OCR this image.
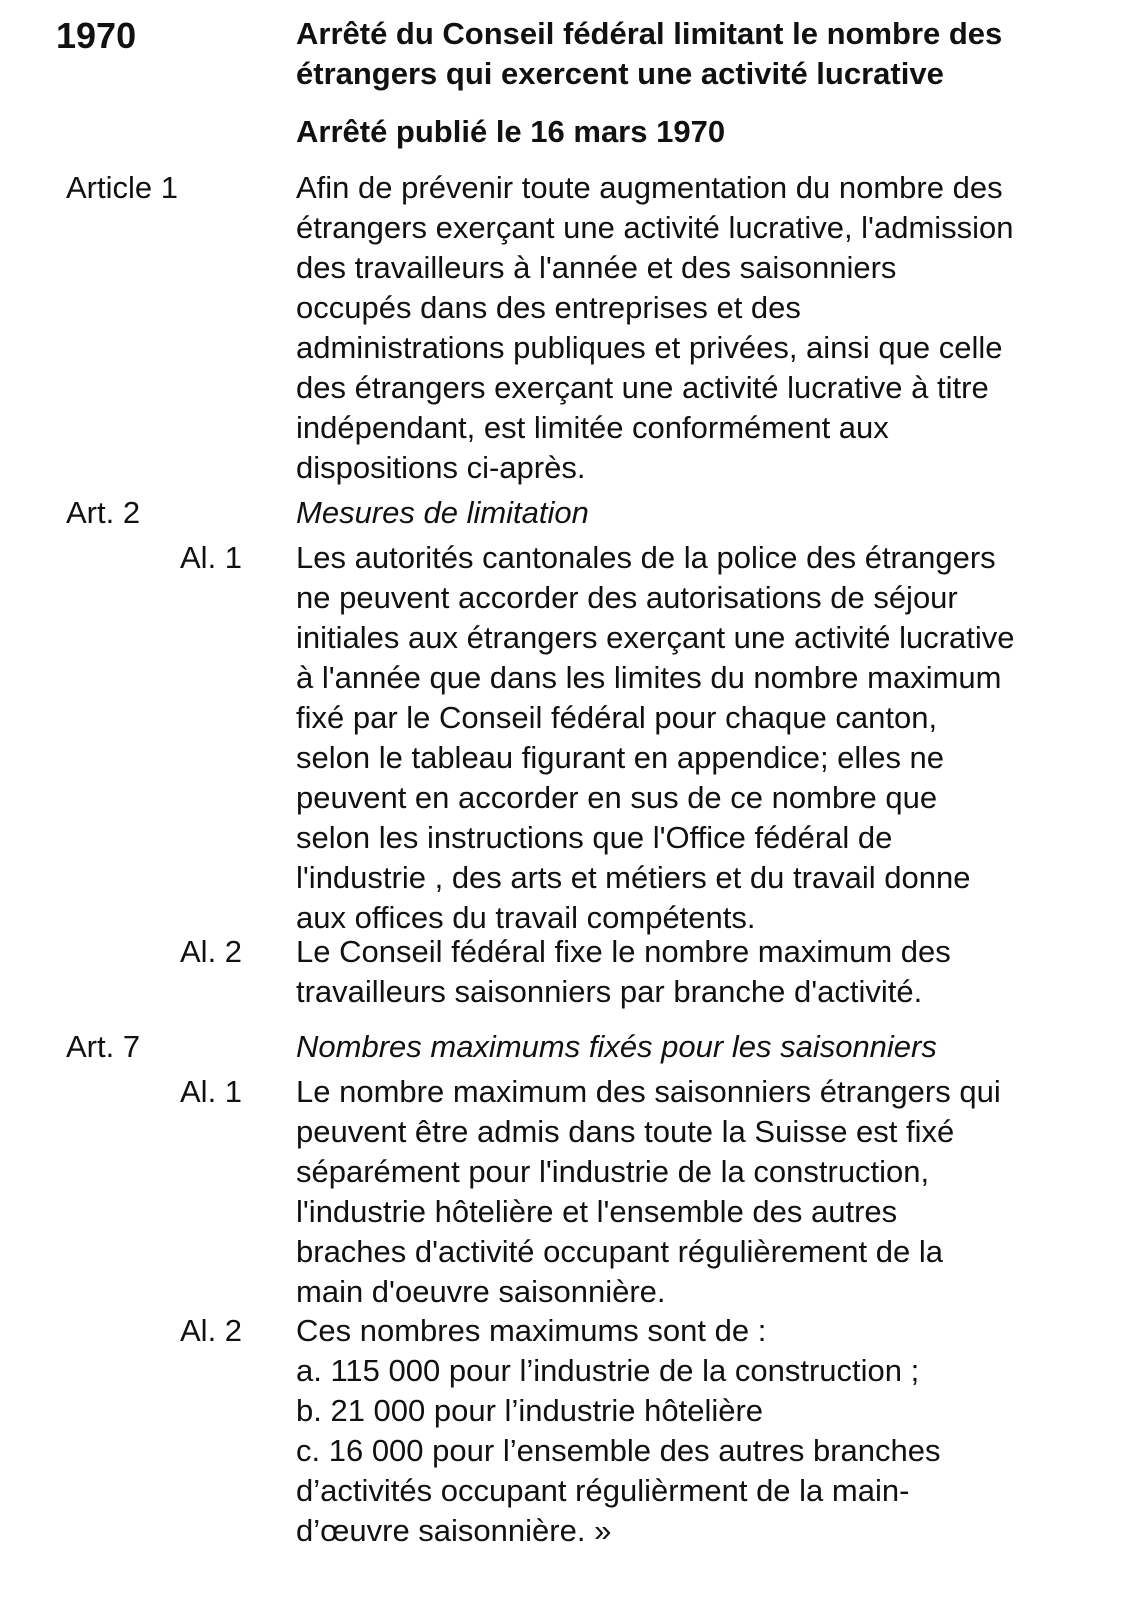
1970	Arrêté du Conseil fédéral limitant le nombre des étrangers qui exercent une activité lucrative
Arrêté publié le 16 mars 1970
Article 1	Afin de prévenir toute augmentation du nombre des
étrangers exerçant une activité lucrative, l'admission
des travailleurs à l'année et des saisonniers
occupés dans des entreprises et des
administrations publiques et privées, ainsi que celle
des étrangers exerçant une activité lucrative à titre
indépendant, est limitée conformément aux
dispositions ci-après.
Art. 2	Mesures de limitation
Al. 1 Les autorités cantonales de la police des étrangers
ne peuvent accorder des autorisations de séjour
initiales aux étrangers exerçant une activité lucrative
à l'année que dans les limites du nombre maximum
fixé par le Conseil fédéral pour chaque canton,
selon le tableau figurant en appendice; elles ne
peuvent en accorder en sus de ce nombre que
selon les instructions que l'Office fédéral de
l'industrie , des arts et métiers et du travail donne
aux offices du travail compétents.
Al. 2 Le Conseil fédéral fixe le nombre maximum des
travailleurs saisonniers par branche d'activité.
Art. 7	Nombres maximums fixés pour les saisonniers
Al. 1 Le nombre maximum des saisonniers étrangers qui
peuvent être admis dans toute la Suisse est fixé
séparément pour l'industrie de la construction,
l'industrie hôtelière et l'ensemble des autres
braches d'activité occupant régulièrement de la
main d'oeuvre saisonnière.
Al. 2 Ces nombres maximums sont de :
a. 115 000 pour l’industrie de la construction ;
b. 21 000 pour l’industrie hôtelière
c. 16 000 pour l’ensemble des autres branches
d’activités occupant régulièrment de la main-
d’œuvre saisonnière. »
